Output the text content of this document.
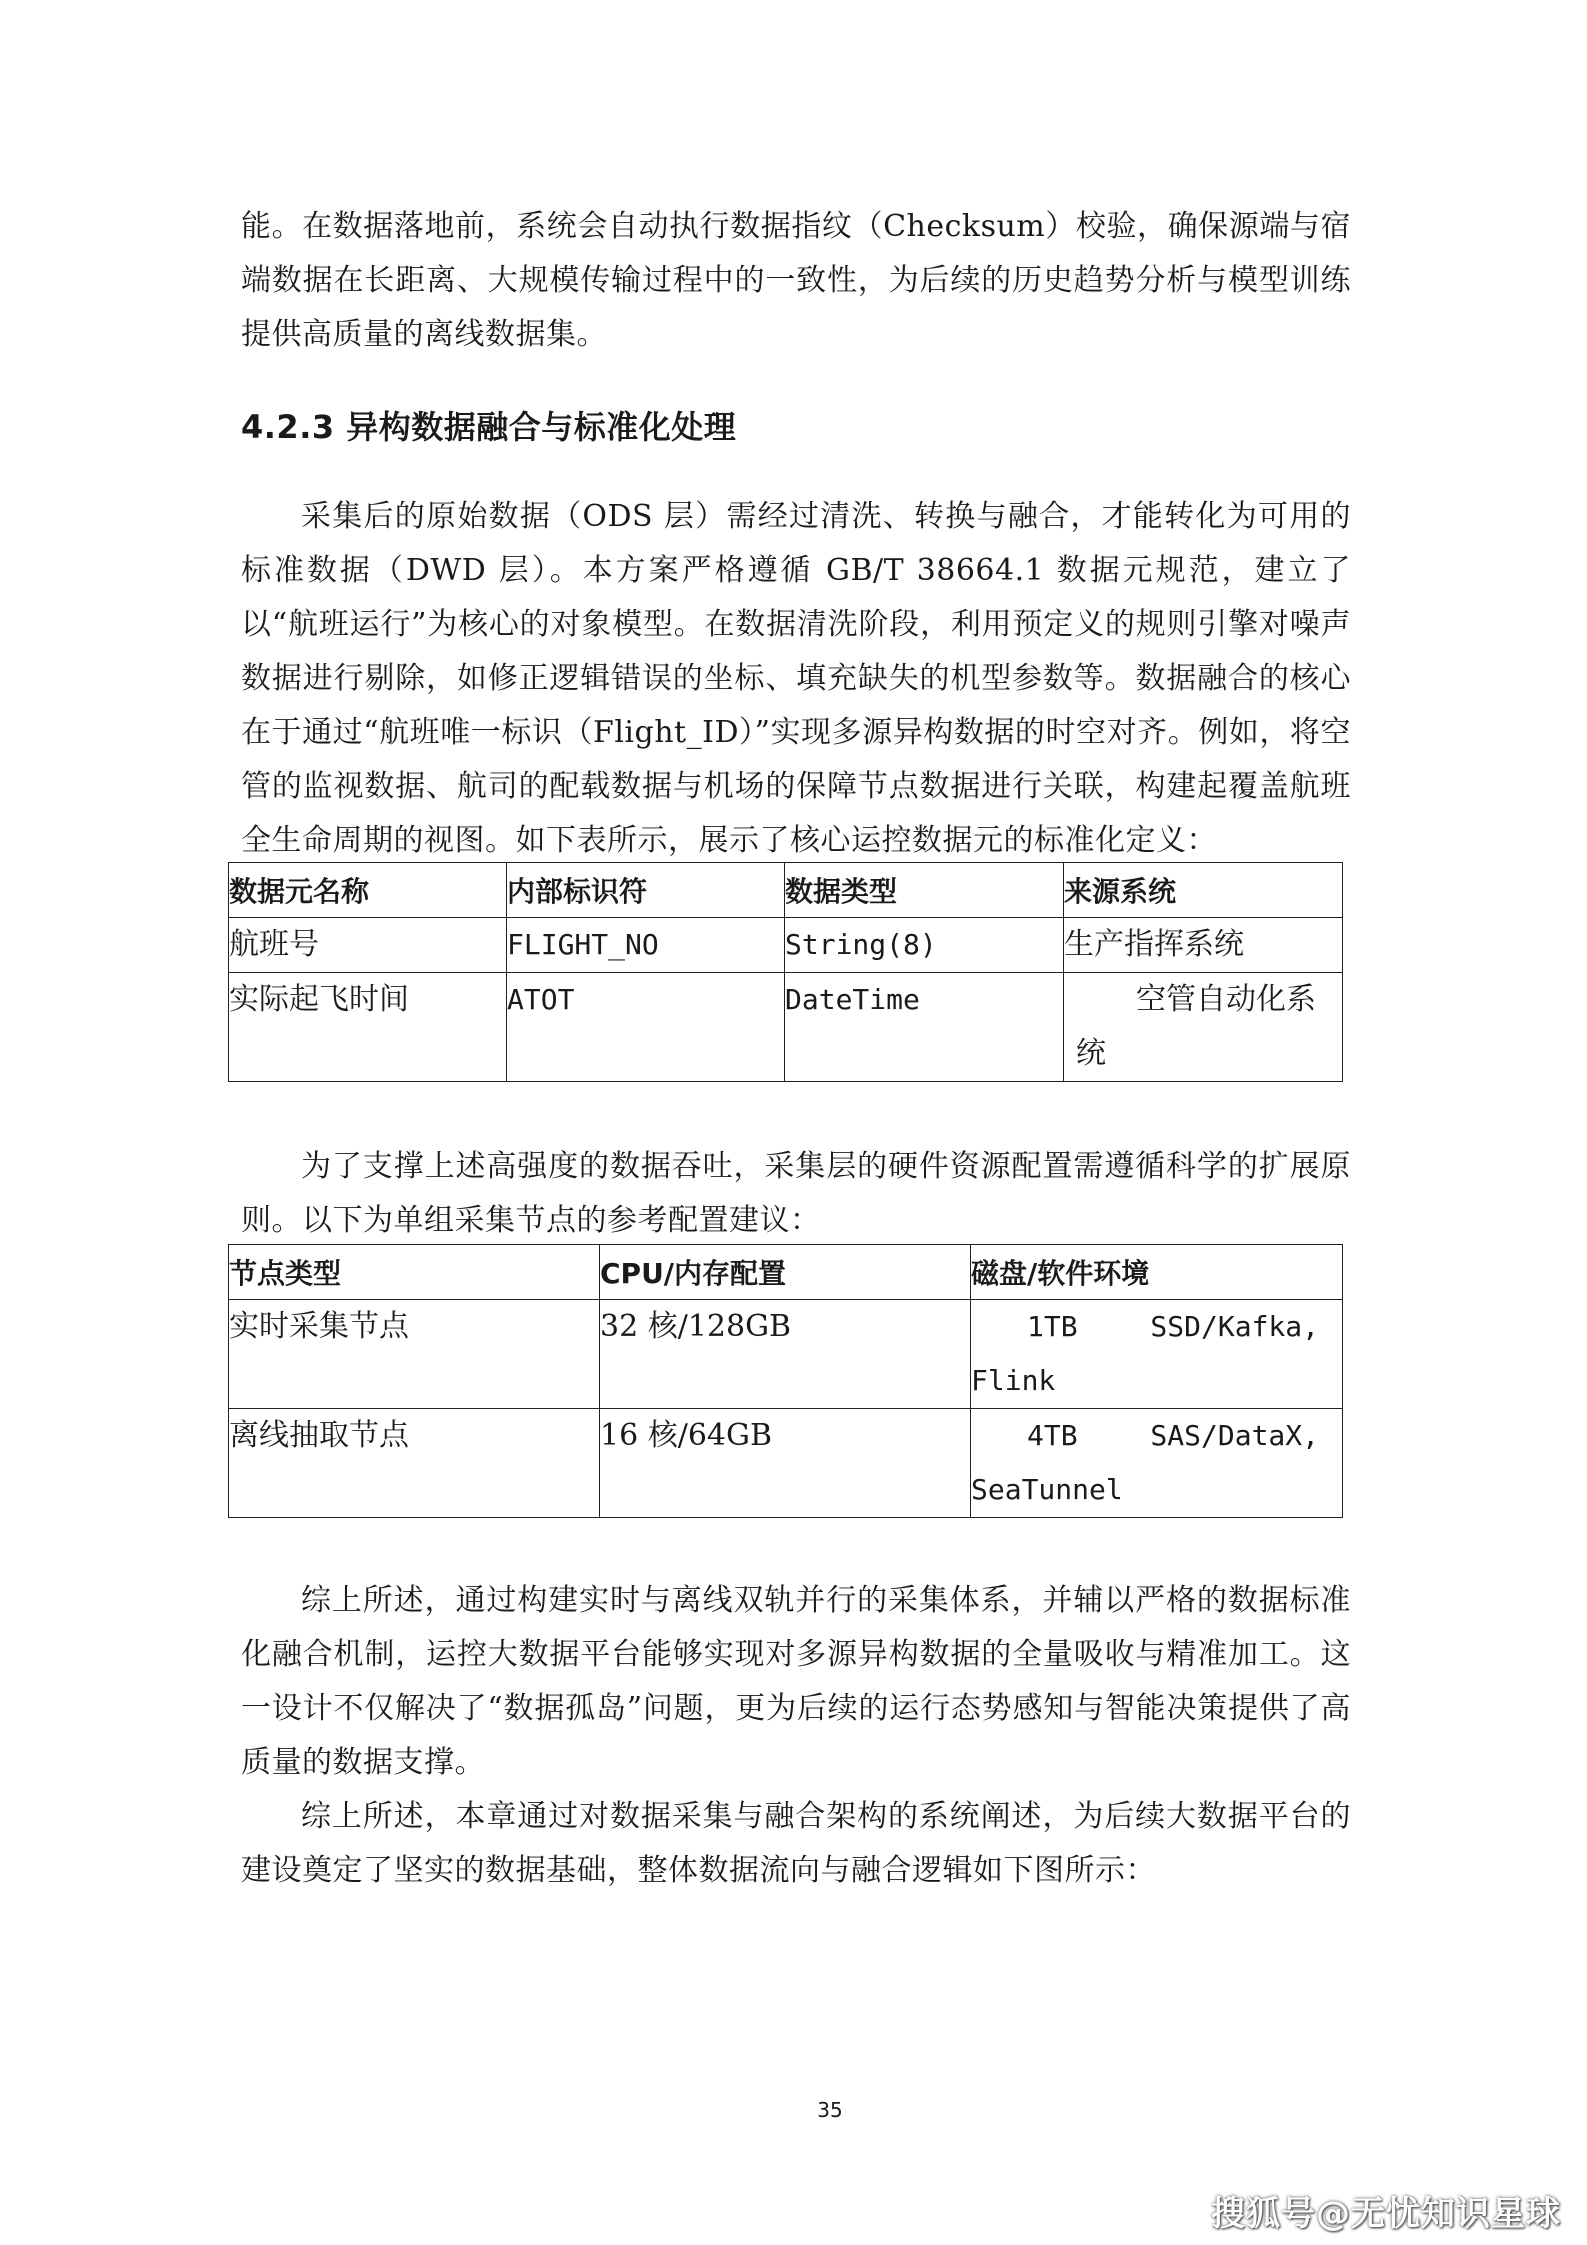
能。在数据落地前，系统会自动执行数据指纹（Checksum）校验，确保源端与宿端数据在长距离、大规模传输过程中的一致性，为后续的历史趋势分析与模型训练提供高质量的离线数据集。

4.2.3 异构数据融合与标准化处理

采集后的原始数据（ODS 层）需经过清洗、转换与融合，才能转化为可用的标准数据（DWD 层）。本方案严格遵循 GB/T 38664.1 数据元规范，建立了以“航班运行”为核心的对象模型。在数据清洗阶段，利用预定义的规则引擎对噪声数据进行剔除，如修正逻辑错误的坐标、填充缺失的机型参数等。数据融合的核心在于通过“航班唯一标识（Flight_ID）”实现多源异构数据的时空对齐。例如，将空管的监视数据、航司的配载数据与机场的保障节点数据进行关联，构建起覆盖航班全生命周期的视图。如下表所示，展示了核心运控数据元的标准化定义：

数据元名称	内部标识符	数据类型	来源系统
航班号	FLIGHT_NO	String(8)	生产指挥系统
实际起飞时间	ATOT	DateTime	空管自动化系统

为了支撑上述高强度的数据吞吐，采集层的硬件资源配置需遵循科学的扩展原则。以下为单组采集节点的参考配置建议：

节点类型	CPU/内存配置	磁盘/软件环境
实时采集节点	32 核/128GB	1TB　　 SSD/Kafka, Flink
离线抽取节点	16 核/64GB	4TB　　 SAS/DataX, SeaTunnel

综上所述，通过构建实时与离线双轨并行的采集体系，并辅以严格的数据标准化融合机制，运控大数据平台能够实现对多源异构数据的全量吸收与精准加工。这一设计不仅解决了“数据孤岛”问题，更为后续的运行态势感知与智能决策提供了高质量的数据支撑。

综上所述，本章通过对数据采集与融合架构的系统阐述，为后续大数据平台的建设奠定了坚实的数据基础，整体数据流向与融合逻辑如下图所示：

35
搜狐号@无忧知识星球
